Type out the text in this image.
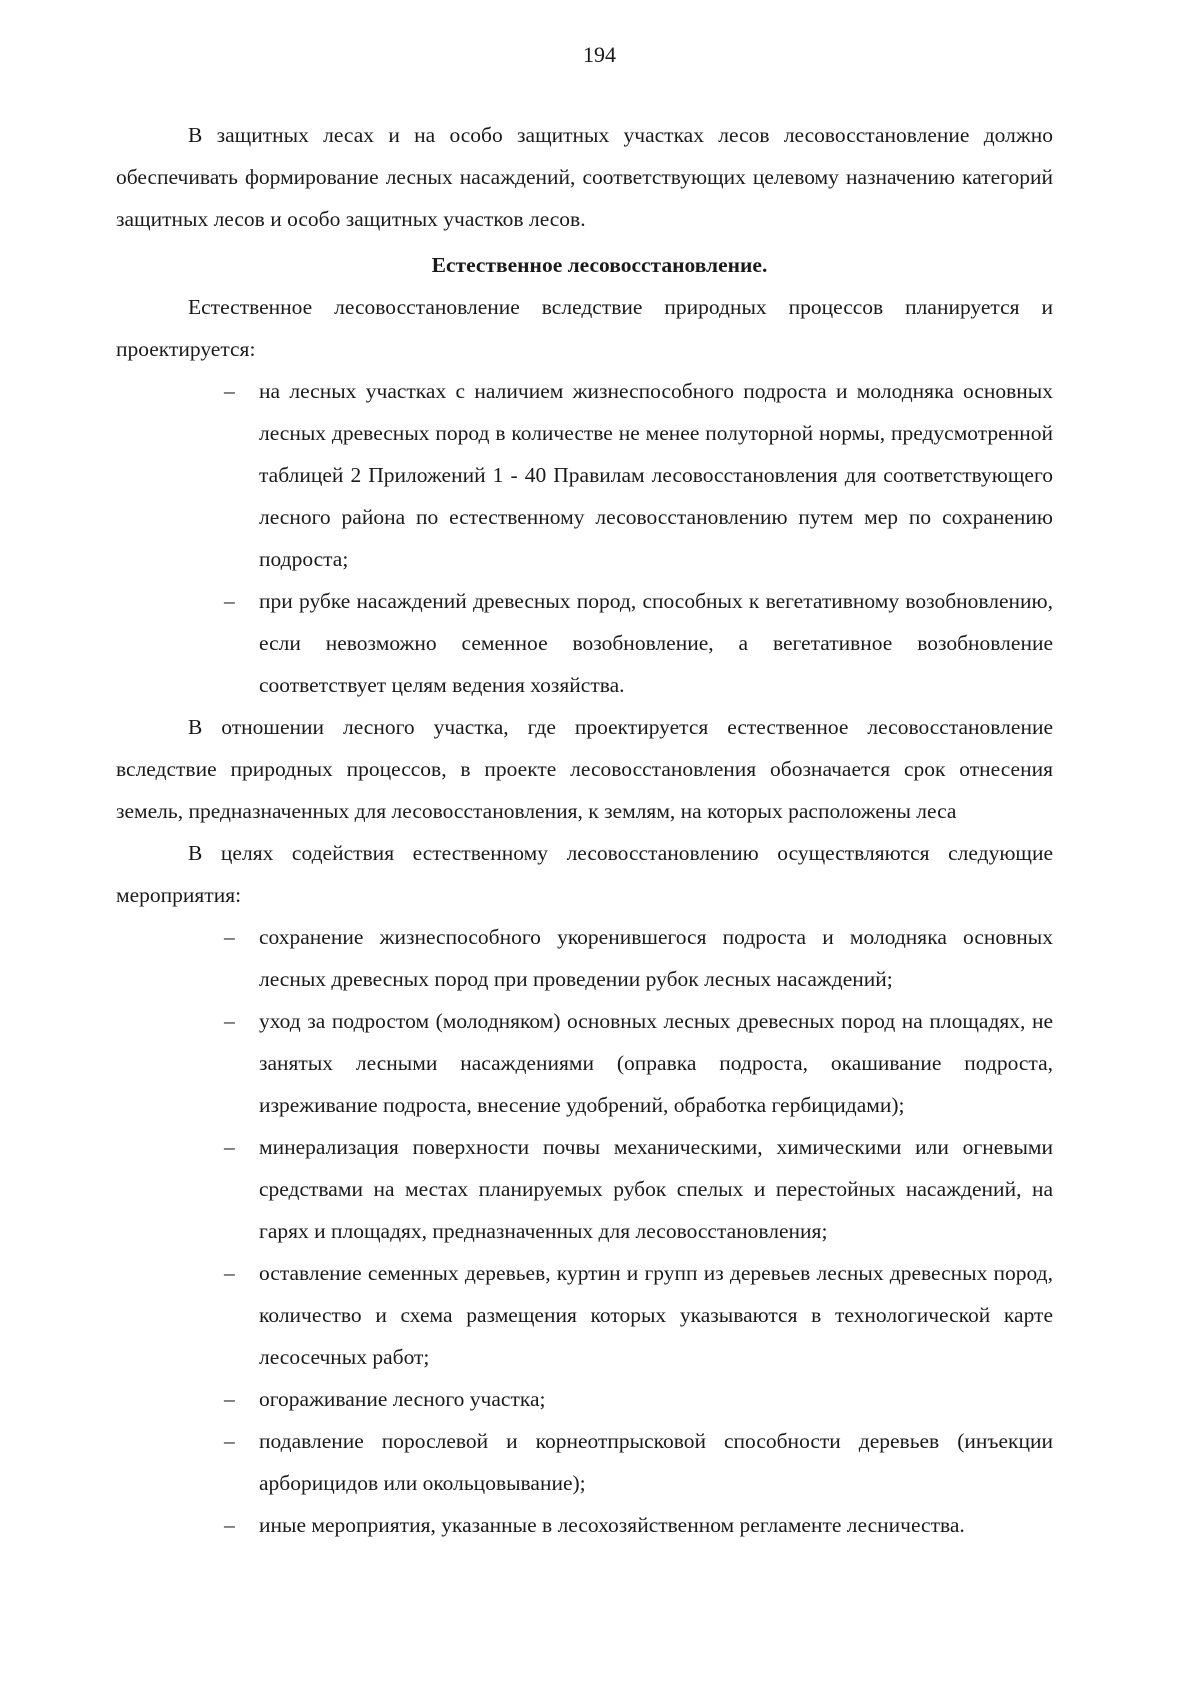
194

В защитных лесах и на особо защитных участках лесов лесовосстановление должно обеспечивать формирование лесных насаждений, соответствующих целевому назначению категорий защитных лесов и особо защитных участков лесов.

Естественное лесовосстановление.

Естественное лесовосстановление вследствие природных процессов планируется и проектируется:

– на лесных участках с наличием жизнеспособного подроста и молодняка основных лесных древесных пород в количестве не менее полуторной нормы, предусмотренной таблицей 2 Приложений 1 - 40 Правилам лесовосстановления для соответствующего лесного района по естественному лесовосстановлению путем мер по сохранению подроста;
– при рубке насаждений древесных пород, способных к вегетативному возобновлению, если невозможно семенное возобновление, а вегетативное возобновление соответствует целям ведения хозяйства.

В отношении лесного участка, где проектируется естественное лесовосстановление вследствие природных процессов, в проекте лесовосстановления обозначается срок отнесения земель, предназначенных для лесовосстановления, к землям, на которых расположены леса

В целях содействия естественному лесовосстановлению осуществляются следующие мероприятия:

– сохранение жизнеспособного укоренившегося подроста и молодняка основных лесных древесных пород при проведении рубок лесных насаждений;
– уход за подростом (молодняком) основных лесных древесных пород на площадях, не занятых лесными насаждениями (оправка подроста, окашивание подроста, изреживание подроста, внесение удобрений, обработка гербицидами);
– минерализация поверхности почвы механическими, химическими или огневыми средствами на местах планируемых рубок спелых и перестойных насаждений, на гарях и площадях, предназначенных для лесовосстановления;
– оставление семенных деревьев, куртин и групп из деревьев лесных древесных пород, количество и схема размещения которых указываются в технологической карте лесосечных работ;
– огораживание лесного участка;
– подавление порослевой и корнеотпрысковой способности деревьев (инъекции арборицидов или окольцовывание);
– иные мероприятия, указанные в лесохозяйственном регламенте лесничества.
